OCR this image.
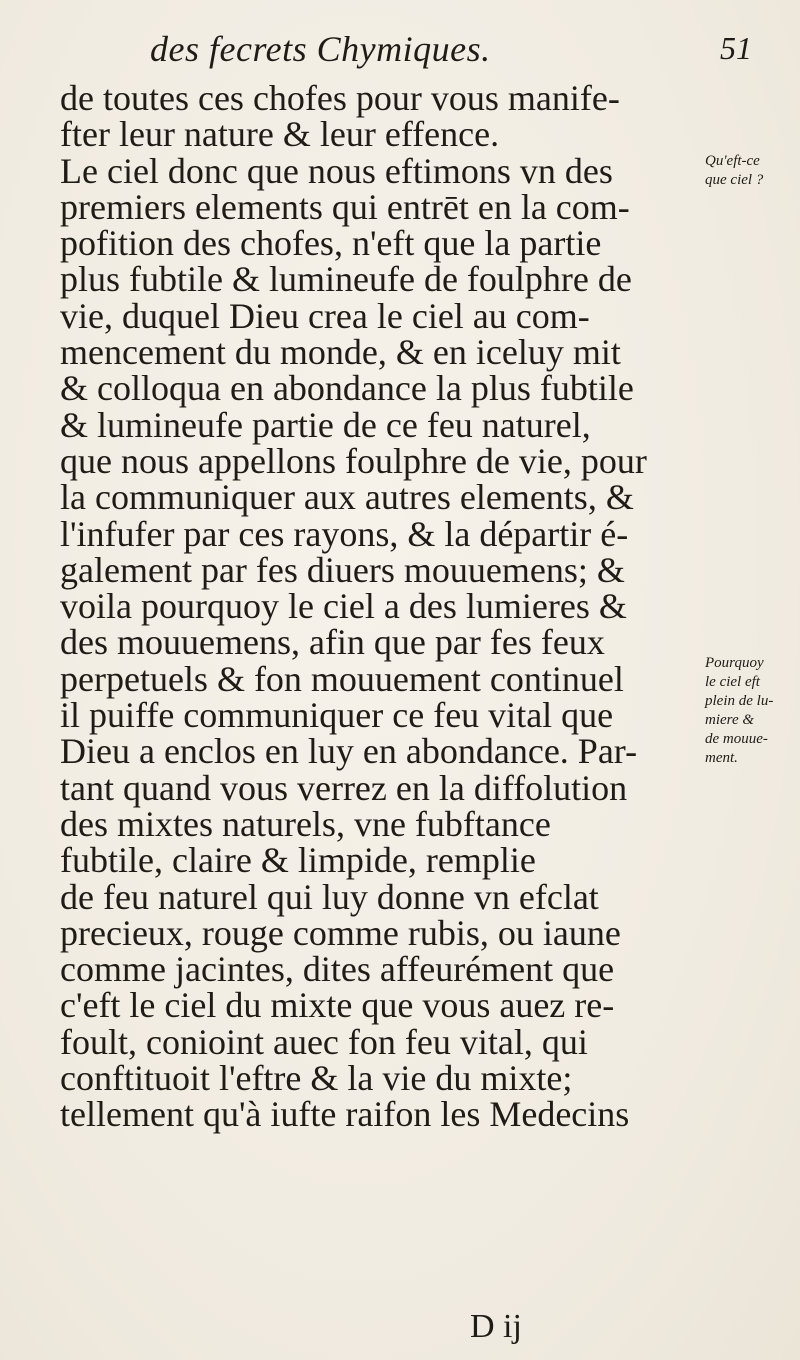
des fecrets Chymiques.	51
de toutes ces chofes pour vous manife-
fter leur nature & leur effence.
Le ciel donc que nous eftimons vn des
premiers elements qui entrēt en la com-
pofition des chofes, n'eft que la partie
plus fubtile & lumineufe de foulphre de
vie, duquel Dieu crea le ciel au com-
mencement du monde, & en iceluy mit
& colloqua en abondance la plus fubtile
& lumineufe partie de ce feu naturel,
que nous appellons foulphre de vie, pour
la communiquer aux autres elements, &
l'infufer par ces rayons, & la départir é-
galement par fes diuers mouuemens; &
voila pourquoy le ciel a des lumieres &
des mouuemens, afin que par fes feux
perpetuels & fon mouuement continuel
il puiffe communiquer ce feu vital que
Dieu a enclos en luy en abondance. Par-
tant quand vous verrez en la diffolution
des mixtes naturels, vne fubftance
fubtile, claire & limpide, remplie
de feu naturel qui luy donne vn efclat
precieux, rouge comme rubis, ou iaune
comme jacintes, dites affeurément que
c'eft le ciel du mixte que vous auez re-
foult, conioint auec fon feu vital, qui
conftituoit l'eftre & la vie du mixte;
tellement qu'à iufte raifon les Medecins
Qu'eft-ce
que ciel ?
Pourquoy
le ciel eft
plein de lu-
miere &
de mouue-
ment.
D ij
